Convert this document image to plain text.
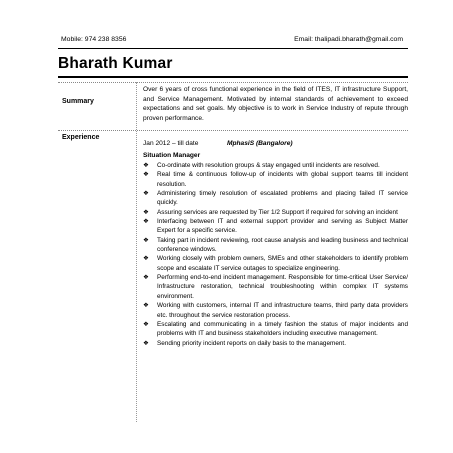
Mobile: 974 238 8356	Email: thalipadi.bharath@gmail.com
Bharath Kumar
Summary
Over 6 years of cross functional experience in the field of ITES, IT infrastructure Support, and Service Management. Motivated by internal standards of achievement to exceed expectations and set goals. My objective is to work in Service Industry of repute through proven performance.
Experience
Jan 2012 – till date	MphasiS (Bangalore)
Situation Manager
❖ Co-ordinate with resolution groups & stay engaged until incidents are resolved.
❖ Real time & continuous follow-up of incidents with global support teams till incident resolution.
❖ Administering timely resolution of escalated problems and placing failed IT service quickly.
❖ Assuring services are requested by Tier 1/2 Support if required for solving an incident
❖ Interfacing between IT and external support provider and serving as Subject Matter Expert for a specific service.
❖ Taking part in incident reviewing, root cause analysis and leading business and technical conference windows.
❖ Working closely with problem owners, SMEs and other stakeholders to identify problem scope and escalate IT service outages to specialize engineering.
❖ Performing end-to-end incident management. Responsible for time-critical User Service/ Infrastructure restoration, technical troubleshooting within complex IT systems environment.
❖ Working with customers, internal IT and infrastructure teams, third party data providers etc. throughout the service restoration process.
❖ Escalating and communicating in a timely fashion the status of major incidents and problems with IT and business stakeholders including executive management.
❖ Sending priority incident reports on daily basis to the management.
